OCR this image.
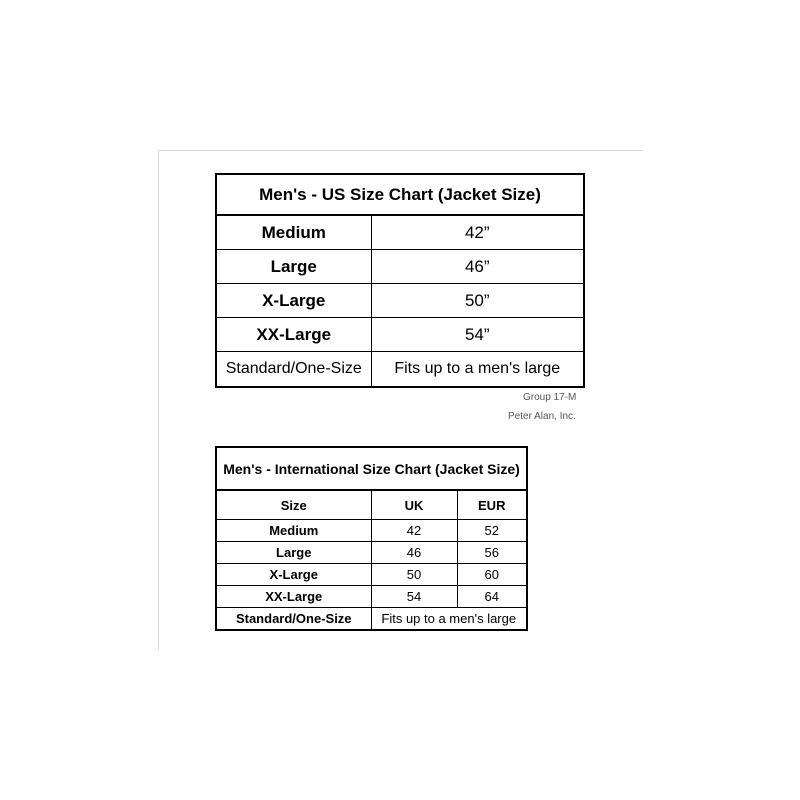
Men's - US Size Chart (Jacket Size)	
Medium	42”
Large	46”
X-Large	50”
XX-Large	54”
Standard/One-Size	Fits up to a men's large
Group 17-M
Peter Alan, Inc.
Men's - International Size Chart (Jacket Size)		
Size	UK	EUR
Medium	42	52
Large	46	56
X-Large	50	60
XX-Large	54	64
Standard/One-Size	Fits up to a men's large	
